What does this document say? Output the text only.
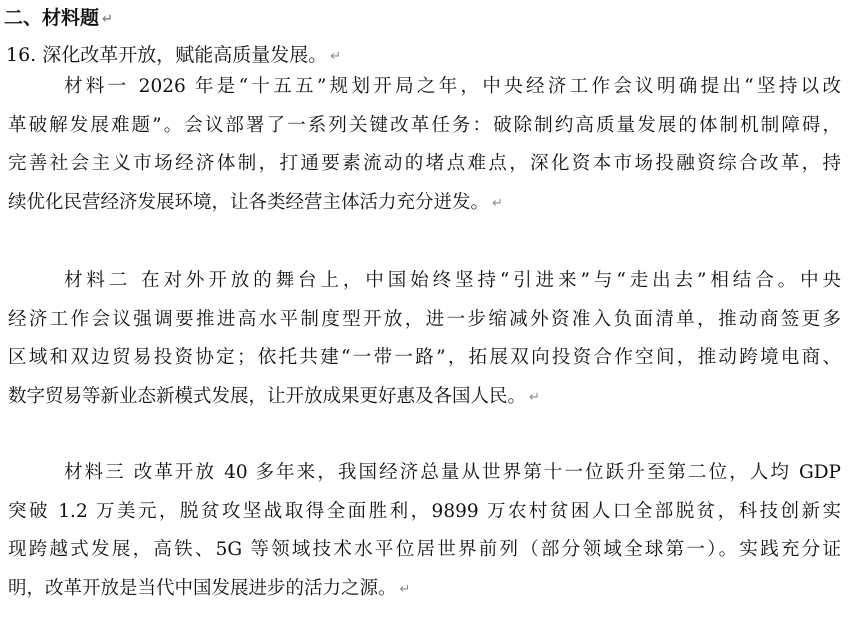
二、材料题 ↵
16. 深化改革开放，赋能高质量发展。 ↵
材料一 2026 年是“十五五”规划开局之年，中央经济工作会议明确提出“坚持以改
革破解发展难题”。会议部署了一系列关键改革任务：破除制约高质量发展的体制机制障碍，
完善社会主义市场经济体制，打通要素流动的堵点难点，深化资本市场投融资综合改革，持
续优化民营经济发展环境，让各类经营主体活力充分迸发。 ↵
材料二 在对外开放的舞台上，中国始终坚持“引进来”与“走出去”相结合。中央
经济工作会议强调要推进高水平制度型开放，进一步缩减外资准入负面清单，推动商签更多
区域和双边贸易投资协定；依托共建“一带一路”，拓展双向投资合作空间，推动跨境电商、
数字贸易等新业态新模式发展，让开放成果更好惠及各国人民。 ↵
材料三 改革开放 40 多年来，我国经济总量从世界第十一位跃升至第二位，人均 GDP
突破 1.2 万美元，脱贫攻坚战取得全面胜利，9899 万农村贫困人口全部脱贫，科技创新实
现跨越式发展，高铁、5G 等领域技术水平位居世界前列（部分领域全球第一）。实践充分证
明，改革开放是当代中国发展进步的活力之源。 ↵
